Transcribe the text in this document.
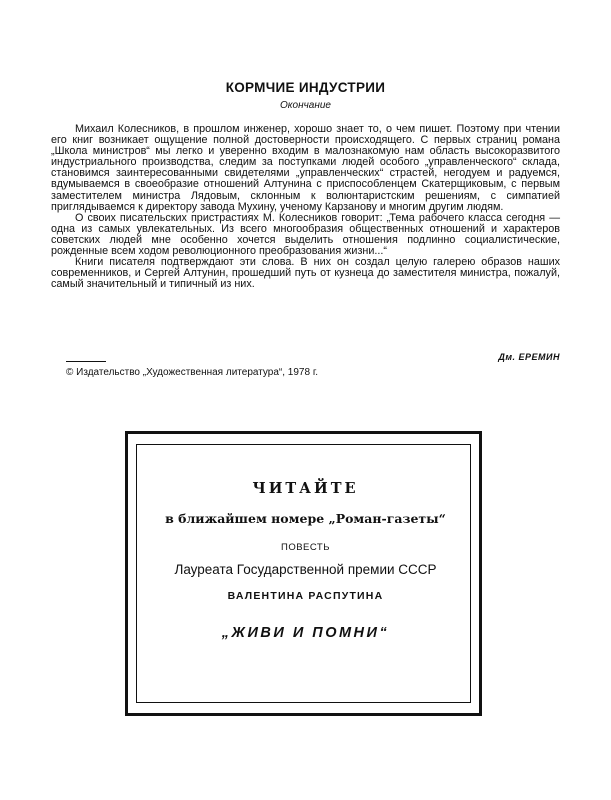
КОРМЧИЕ ИНДУСТРИИ
Окончание

Михаил Колесников, в прошлом инженер, хорошо знает то, о чем пишет. Поэтому при чтении его книг возникает ощущение полной достоверности происходящего. С первых страниц романа „Школа министров“ мы легко и уверенно входим в малознакомую нам область высокоразвитого индустриального производства, следим за поступками людей особого „управленческого“ склада, становимся заинтересованными свидетелями „управленческих“ страстей, негодуем и радуемся, вдумываемся в своеобразие отношений Алтунина с приспособленцем Скатерщиковым, с первым заместителем министра Лядовым, склонным к волюнтаристским решениям, с симпатией приглядываемся к директору завода Мухину, ученому Карзанову и многим другим людям.

О своих писательских пристрастиях М. Колесников говорит: „Тема рабочего класса сегодня — одна из самых увлекательных. Из всего многообразия общественных отношений и характеров советских людей мне особенно хочется выделить отношения подлинно социалистические, рожденные всем ходом революционного преобразования жизни...“

Книги писателя подтверждают эти слова. В них он создал целую галерею образов наших современников, и Сергей Алтунин, прошедший путь от кузнеца до заместителя министра, пожалуй, самый значительный и типичный из них.

Дм. ЕРЕМИН
© Издательство „Художественная литература“, 1978 г.
ЧИТАЙТЕ
в ближайшем номере „Роман-газеты“
ПОВЕСТЬ
Лауреата Государственной премии СССР
ВАЛЕНТИНА РАСПУТИНА
„ЖИВИ И ПОМНИ“
